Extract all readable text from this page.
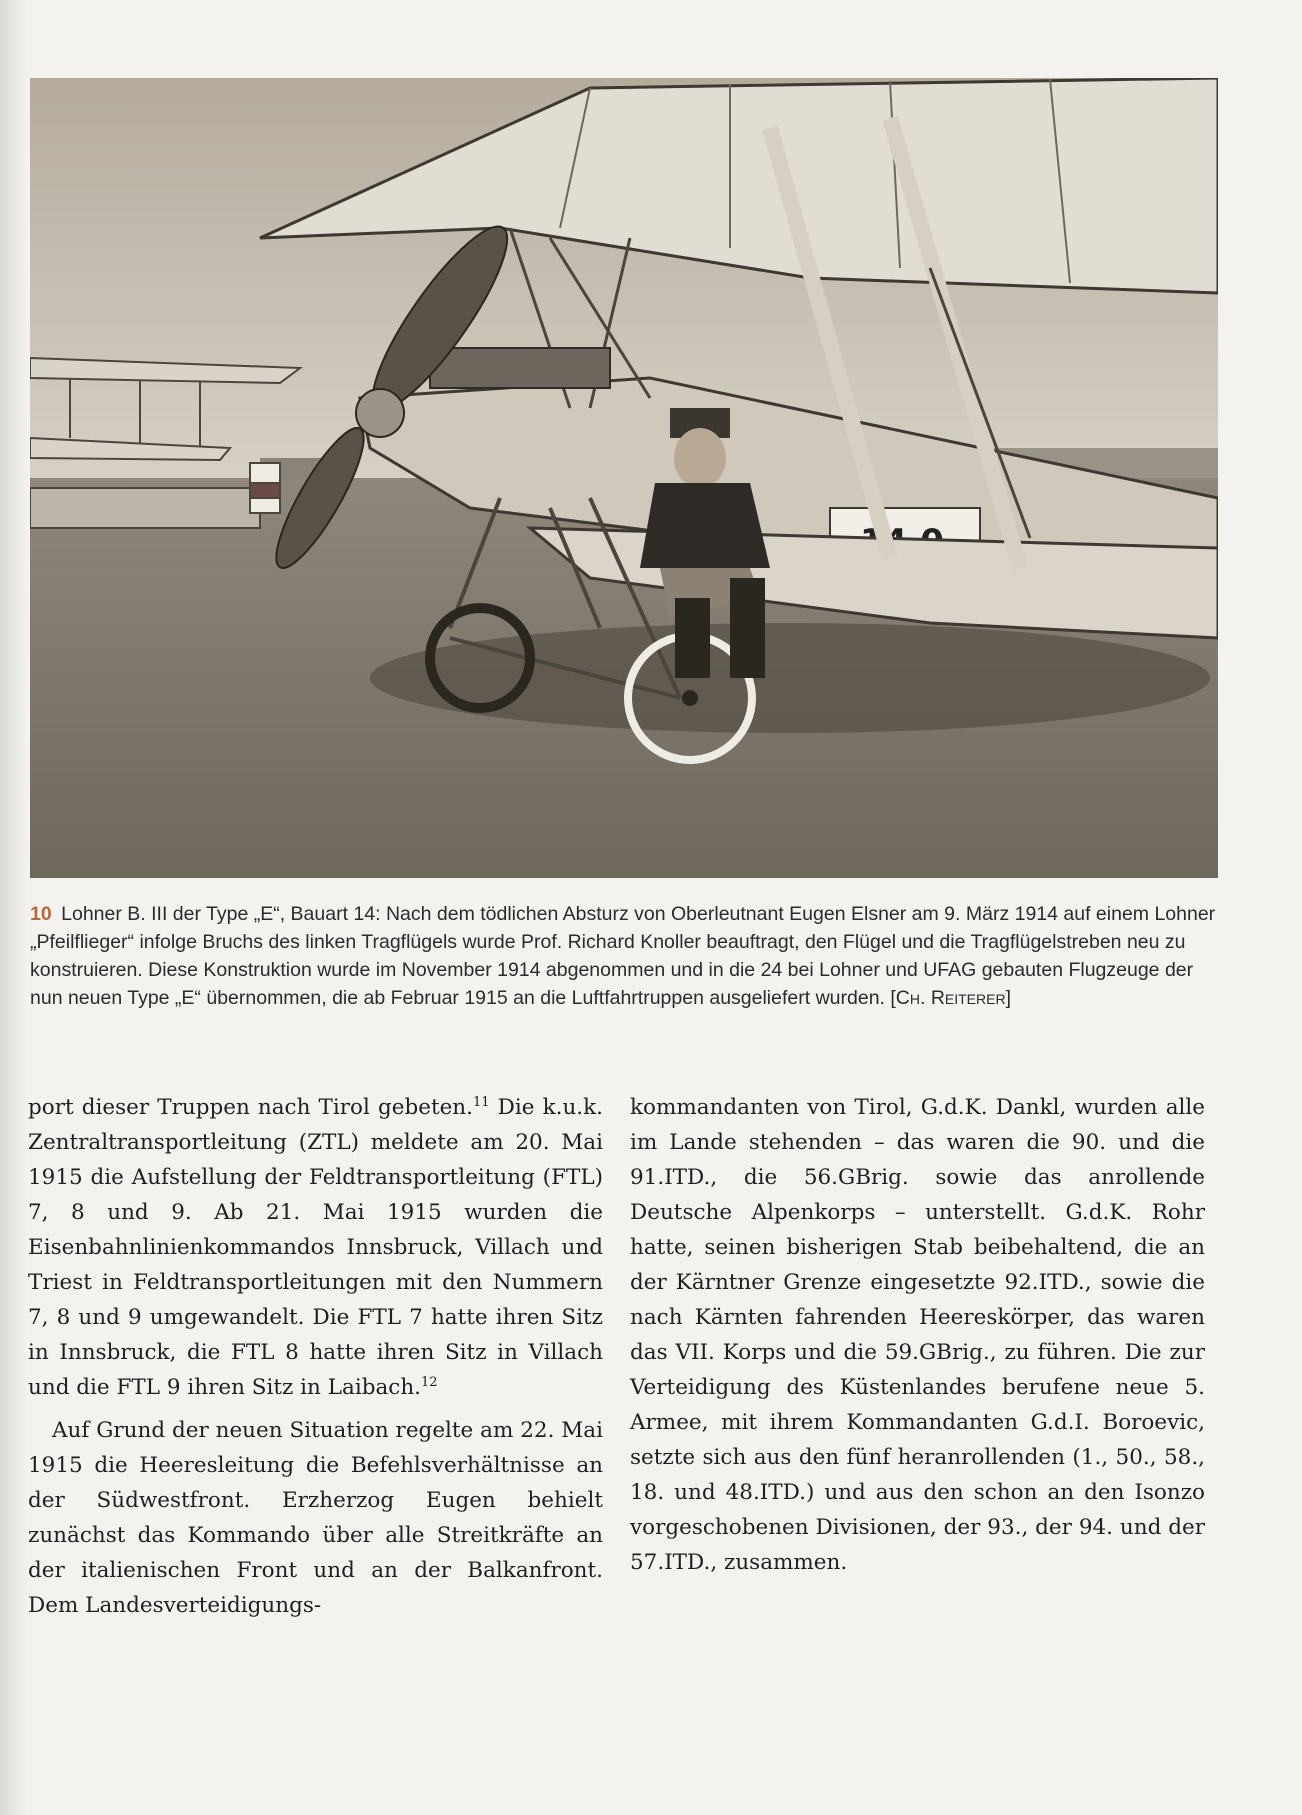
10 Lohner B. III der Type „E“, Bauart 14: Nach dem tödlichen Absturz von Oberleutnant Eugen Elsner am 9. März 1914 auf einem Lohner „Pfeilflieger“ infolge Bruchs des linken Tragflügels wurde Prof. Richard Knoller beauftragt, den Flügel und die Tragflügelstreben neu zu konstruieren. Diese Konstruktion wurde im November 1914 abgenommen und in die 24 bei Lohner und UFAG gebauten Flugzeuge der nun neuen Type „E“ übernommen, die ab Februar 1915 an die Luftfahrtruppen ausgeliefert wurden. [Ch. Reiterer]

port dieser Truppen nach Tirol gebeten.$^{11}$ Die k.u.k. Zentraltransportleitung (ZTL) meldete am 20. Mai 1915 die Aufstellung der Feldtransportleitung (FTL) 7, 8 und 9. Ab 21. Mai 1915 wurden die Eisenbahnlinienkommandos Innsbruck, Villach und Triest in Feldtransportleitungen mit den Nummern 7, 8 und 9 umgewandelt. Die FTL 7 hatte ihren Sitz in Innsbruck, die FTL 8 hatte ihren Sitz in Villach und die FTL 9 ihren Sitz in Laibach.$^{12}$

Auf Grund der neuen Situation regelte am 22. Mai 1915 die Heeresleitung die Befehlsverhältnisse an der Südwestfront. Erzherzog Eugen behielt zunächst das Kommando über alle Streitkräfte an der italienischen Front und an der Balkanfront. Dem Landesverteidigungs-

kommandanten von Tirol, G.d.K. Dankl, wurden alle im Lande stehenden – das waren die 90. und die 91.ITD., die 56.GBrig. sowie das anrollende Deutsche Alpenkorps – unterstellt. G.d.K. Rohr hatte, seinen bisherigen Stab beibehaltend, die an der Kärntner Grenze eingesetzte 92.ITD., sowie die nach Kärnten fahrenden Heereskörper, das waren das VII. Korps und die 59.GBrig., zu führen. Die zur Verteidigung des Küstenlandes berufene neue 5. Armee, mit ihrem Kommandanten G.d.I. Boroevic, setzte sich aus den fünf heranrollenden (1., 50., 58., 18. und 48.ITD.) und aus den schon an den Isonzo vorgeschobenen Divisionen, der 93., der 94. und der 57.ITD., zusammen.
